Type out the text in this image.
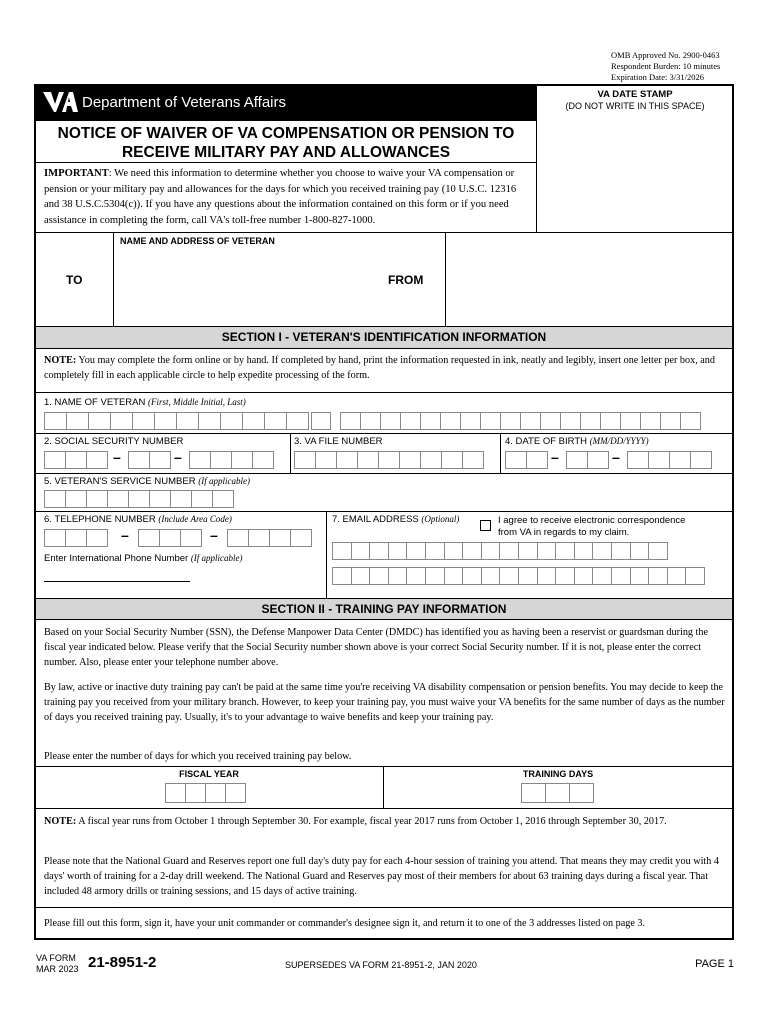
OMB Approved No. 2900-0463
Respondent Burden: 10 minutes
Expiration Date: 3/31/2026
Department of Veterans Affairs	VA DATE STAMP
(DO NOT WRITE IN THIS SPACE)
NOTICE OF WAIVER OF VA COMPENSATION OR PENSION TO
RECEIVE MILITARY PAY AND ALLOWANCES
IMPORTANT: We need this information to determine whether you choose to waive your VA compensation or pension or your military pay and allowances for the days for which you received training pay (10 U.S.C. 12316 and 38 U.S.C.5304(c)). If you have any questions about the information contained on this form or if you need assistance in completing the form, call VA's toll-free number 1-800-827-1000.
NAME AND ADDRESS OF VETERAN
TO	FROM
SECTION I - VETERAN'S IDENTIFICATION INFORMATION
NOTE: You may complete the form online or by hand. If completed by hand, print the information requested in ink, neatly and legibly, insert one letter per box, and completely fill in each applicable circle to help expedite processing of the form.
1. NAME OF VETERAN (First, Middle Initial, Last)
2. SOCIAL SECURITY NUMBER	3. VA FILE NUMBER	4. DATE OF BIRTH (MM/DD/YYYY)
–	–	–	–
5. VETERAN'S SERVICE NUMBER (If applicable)
6. TELEPHONE NUMBER (Include Area Code)
–	–
Enter International Phone Number (If applicable)
7. EMAIL ADDRESS (Optional)	I agree to receive electronic correspondence
from VA in regards to my claim.
SECTION II - TRAINING PAY INFORMATION
Based on your Social Security Number (SSN), the Defense Manpower Data Center (DMDC) has identified you as having been a reservist or guardsman during the fiscal year indicated below. Please verify that the Social Security number shown above is your correct Social Security number. If it is not, please enter the correct number. Also, please enter your telephone number above.
By law, active or inactive duty training pay can't be paid at the same time you're receiving VA disability compensation or pension benefits. You may decide to keep the training pay you received from your military branch. However, to keep your training pay, you must waive your VA benefits for the same number of days as the number of days you received training pay. Usually, it's to your advantage to waive benefits and keep your training pay.
Please enter the number of days for which you received training pay below.
FISCAL YEAR	TRAINING DAYS
NOTE: A fiscal year runs from October 1 through September 30. For example, fiscal year 2017 runs from October 1, 2016 through September 30, 2017.
Please note that the National Guard and Reserves report one full day's duty pay for each 4-hour session of training you attend. That means they may credit you with 4 days' worth of training for a 2-day drill weekend. The National Guard and Reserves pay most of their members for about 63 training days during a fiscal year. That included 48 armory drills or training sessions, and 15 days of active training.
Please fill out this form, sign it, have your unit commander or commander's designee sign it, and return it to one of the 3 addresses listed on page 3.
VA FORM
MAR 2023 21-8951-2	SUPERSEDES VA FORM 21-8951-2, JAN 2020	PAGE 1
